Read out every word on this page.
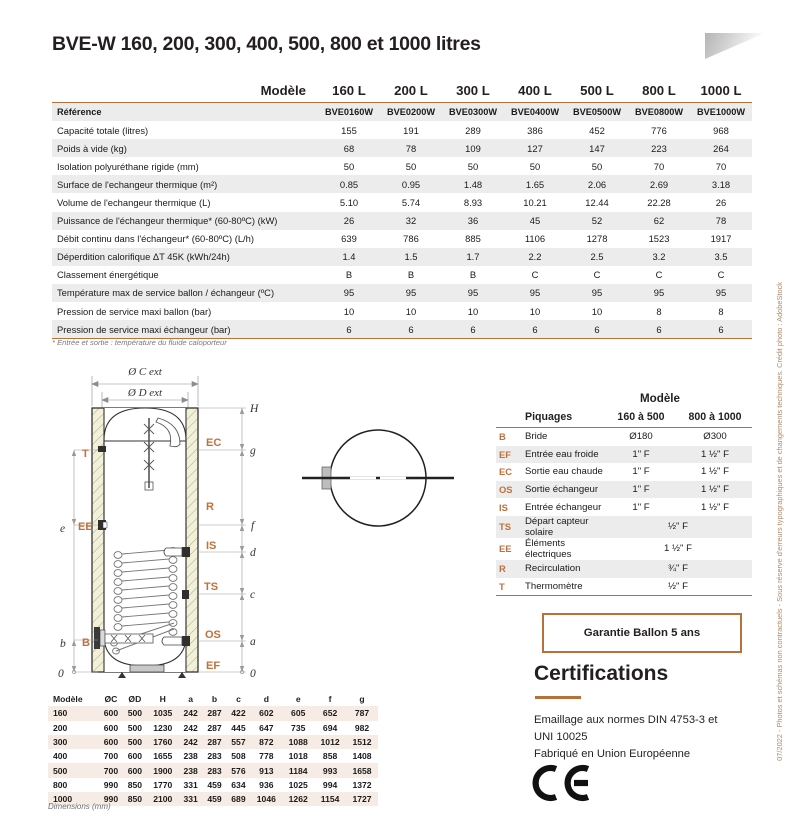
BVE-W 160, 200, 300, 400, 500, 800 et 1000 litres
Modèle	160 L	200 L	300 L	400 L	500 L	800 L	1000 L

Référence	BVE0160W	BVE0200W	BVE0300W	BVE0400W	BVE0500W	BVE0800W	BVE1000W
Capacité totale (litres)	155	191	289	386	452	776	968
Poids à vide (kg)	68	78	109	127	147	223	264
Isolation polyuréthane rigide (mm)	50	50	50	50	50	70	70
Surface de l'echangeur thermique (m²)	0.85	0.95	1.48	1.65	2.06	2.69	3.18
Volume de l'echangeur thermique (L)	5.10	5.74	8.93	10.21	12.44	22.28	26
Puissance de l'échangeur thermique* (60-80ºC) (kW)	26	32	36	45	52	62	78
Débit continu dans l'échangeur* (60-80ºC) (L/h)	639	786	885	1106	1278	1523	1917
Déperdition calorifique ΔT 45K (kWh/24h)	1.4	1.5	1.7	2.2	2.5	3.2	3.5
Classement énergétique	B	B	B	C	C	C	C
Température max de service ballon / échangeur (ºC)	95	95	95	95	95	95	95
Pression de service maxi ballon (bar)	10	10	10	10	10	8	8
Pression de service maxi échangeur (bar)	6	6	6	6	6	6	6

* Entrée et sortie : température du fluide caloporteur
Ø C ext
Ø D ext
T
EE
B
EC
R
IS
TS
OS
EF
e
b
0
H
g
f
d
c
a
0
Modèle
	Piquages	160 à 500	800 à 1000

B	Bride	Ø180	Ø300
EF	Entrée eau froide	1" F	1 ½" F
EC	Sortie eau chaude	1" F	1 ½" F
OS	Sortie échangeur	1" F	1 ½" F
IS	Entrée échangeur	1" F	1 ½" F
TS	Départ capteur solaire	½" F	
EE	Éléments électriques	1 ½" F	
R	Recirculation	¾" F	
T	Thermomètre	½" F	

Modèle	ØC	ØD	H	a	b	c	d	e	f	g
160	600	500	1035	242	287	422	602	605	652	787
200	600	500	1230	242	287	445	647	735	694	982
300	600	500	1760	242	287	557	872	1088	1012	1512
400	700	600	1655	238	283	508	778	1018	858	1408
500	700	600	1900	238	283	576	913	1184	993	1658
800	990	850	1770	331	459	634	936	1025	994	1372
1000	990	850	2100	331	459	689	1046	1262	1154	1727
Dimensions (mm)
Garantie Ballon 5 ans
Certifications
Emaillage aux normes DIN 4753-3 et
UNI 10025
Fabriqué en Union Européenne	07/2022 - Photos et schémas non contractuels - Sous réserve d'erreurs typographiques et de changements techniques. Crédit photo : AdobeStock
